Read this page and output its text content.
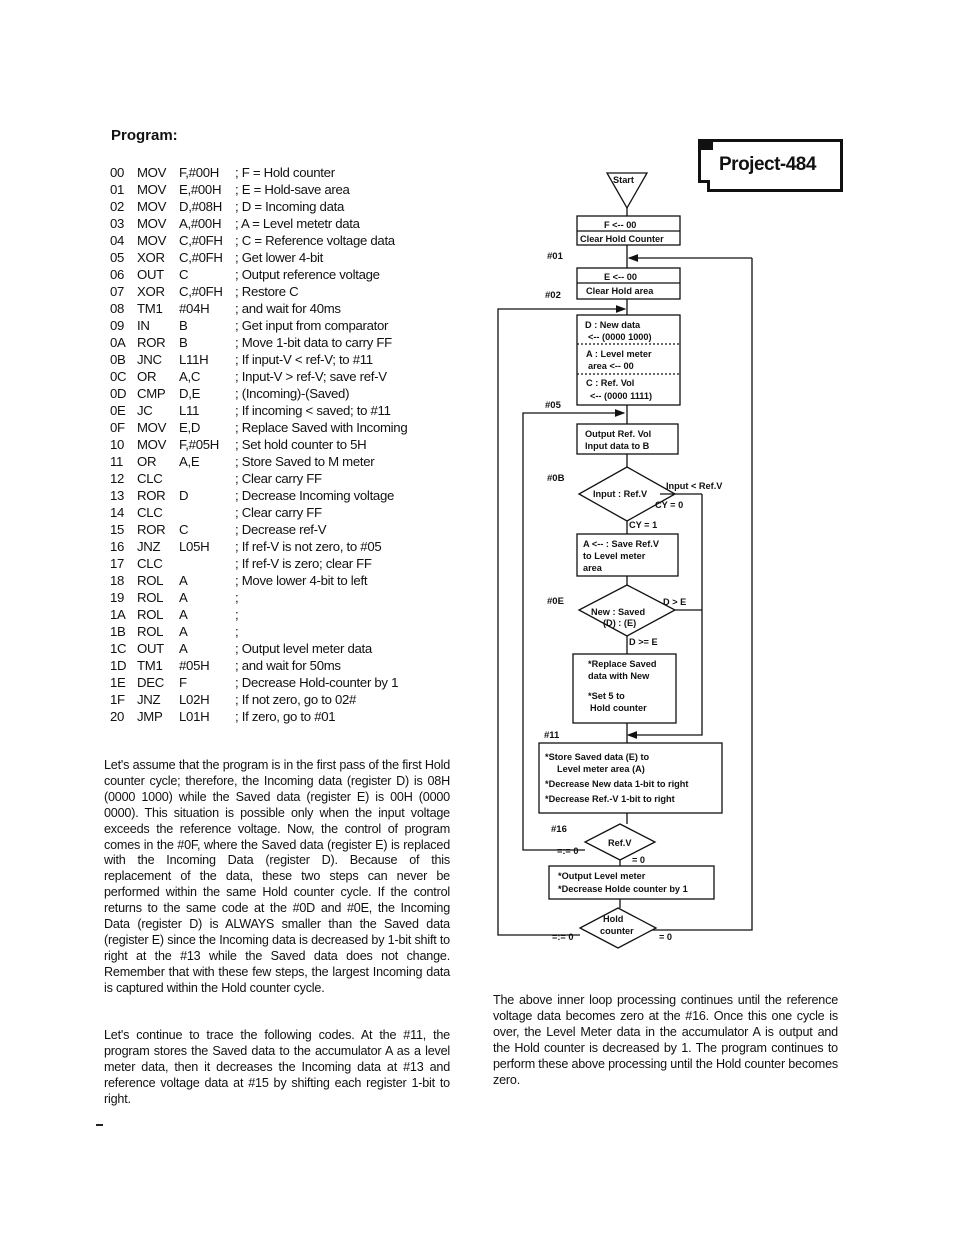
Program:
00 MOV F,#00H ; F = Hold counter
01 MOV E,#00H ; E = Hold-save area
02 MOV D,#08H ; D = Incoming data
03 MOV A,#00H ; A = Level metetr data
04 MOV C,#0FH ; C = Reference voltage data
05 XOR C,#0FH ; Get lower 4-bit
06 OUT C	; Output reference voltage
07 XOR C,#0FH ; Restore C
08 TM1 #04H ; and wait for 40ms
09 IN B	; Get input from comparator
0A ROR B	; Move 1-bit data to carry FF
0B JNC L11H ; If input-V < ref-V; to #11
0C OR A,C	; Input-V > ref-V; save ref-V
0D CMP D,E	; (Incoming)-(Saved)
0E JC L11	; If incoming < saved; to #11
0F MOV E,D	; Replace Saved with Incoming
10 MOV F,#05H ; Set hold counter to 5H
11 OR A,E	; Store Saved to M meter
12 CLC	; Clear carry FF
13 ROR D	; Decrease Incoming voltage
14 CLC	; Clear carry FF
15 ROR C	; Decrease ref-V
16 JNZ L05H ; If ref-V is not zero, to #05
17 CLC	; If ref-V is zero; clear FF
18 ROL A	; Move lower 4-bit to left
19 ROL A	;
1A ROL A	;
1B ROL A	;
1C OUT A	; Output level meter data
1D TM1 #05H ; and wait for 50ms
1E DEC F	; Decrease Hold-counter by 1
1F JNZ L02H ; If not zero, go to 02#
20 JMP L01H ; If zero, go to #01
Let's assume that the program is in the first pass of the first Hold counter cycle; therefore, the Incoming data (register D) is 08H (0000 1000) while the Saved data (register E) is 00H (0000 0000). This situation is possible only when the input voltage exceeds the reference voltage. Now, the control of program comes in the #0F, where the Saved data (register E) is replaced with the Incoming Data (register D). Because of this replacement of the data, these two steps can never be performed within the same Hold counter cycle. If the control returns to the same code at the #0D and #0E, the Incoming Data (register D) is ALWAYS smaller than the Saved data (register E) since the Incoming data is decreased by 1-bit shift to right at the #13 while the Saved data does not change. Remember that with these few steps, the largest Incoming data is captured within the Hold counter cycle.
Let's continue to trace the following codes. At the #11, the program stores the Saved data to the accumulator A as a level meter data, then it decreases the Incoming data at #13 and reference voltage data at #15 by shifting each register 1-bit to right.
The above inner loop processing continues until the reference voltage data becomes zero at the #16. Once this one cycle is over, the Level Meter data in the accumulator A is output and the Hold counter is decreased by 1. The program continues to perform these above processing until the Hold counter becomes zero.
Project-484
Start
F <-- 00
Clear Hold Counter
#01
E <-- 00
Clear Hold area
#02
D : New data
<-- (0000 1000)
A : Level meter
area <-- 00
C : Ref. Vol
<-- (0000 1111)
#05
Output Ref. Vol
Input data to B
#0B
Input : Ref.V
Input < Ref.V
CY = 0
CY = 1
A <-- : Save Ref.V
to Level meter
area
#0E
New : Saved
(D) : (E)
D > E
D >= E
*Replace Saved
data with New
*Set 5 to
Hold counter
#11
*Store Saved data (E) to
Level meter area (A)
*Decrease New data 1-bit to right
*Decrease Ref.-V 1-bit to right
#16
Ref.V
=:= 0
= 0
*Output Level meter
*Decrease Holde counter by 1
Hold
counter
=:= 0	= 0
